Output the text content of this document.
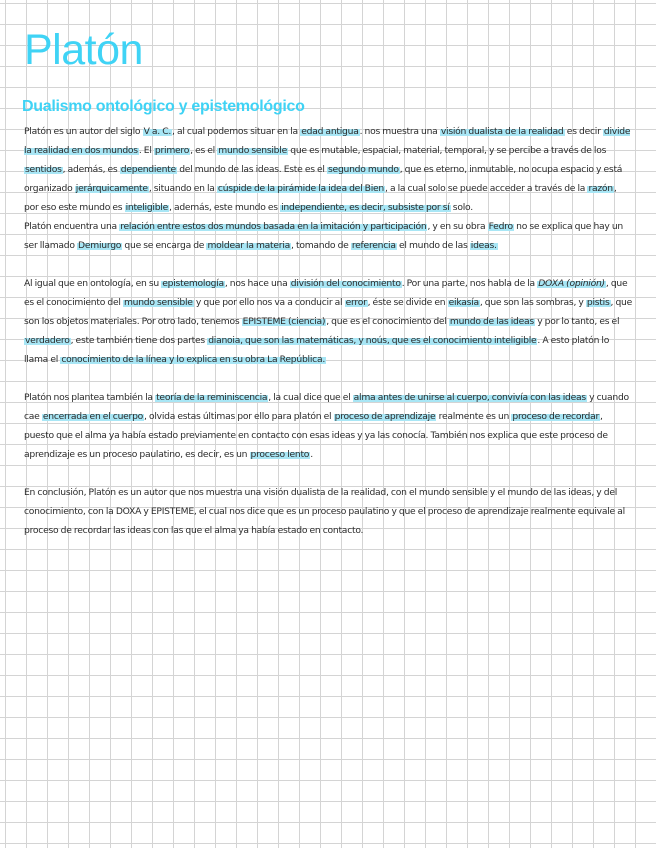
Platón
Dualismo ontológico y epistemológico

Platón es un autor del siglo V a. C., al cual podemos situar en la edad antigua. nos muestra una visión dualista de la realidad es decir divide la realidad en dos mundos. El primero, es el mundo sensible que es mutable, espacial, material, temporal, y se percibe a través de los sentidos, además, es dependiente del mundo de las ideas. Este es el segundo mundo, que es eterno, inmutable, no ocupa espacio y está organizado jerárquicamente, situando en la cúspide de la pirámide la idea del Bien, a la cual solo se puede acceder a través de la razón, por eso este mundo es inteligible, además, este mundo es independiente, es decir, subsiste por sí solo.

Platón encuentra una relación entre estos dos mundos basada en la imitación y participación, y en su obra Fedro no se explica que hay un ser llamado Demiurgo que se encarga de moldear la materia, tomando de referencia el mundo de las ideas.

Al igual que en ontología, en su epistemología, nos hace una división del conocimiento. Por una parte, nos habla de la DOXA (opinión), que es el conocimiento del mundo sensible y que por ello nos va a conducir al error, éste se divide en eikasía, que son las sombras, y pistis, que son los objetos materiales. Por otro lado, tenemos EPISTEME (ciencia), que es el conocimiento del mundo de las ideas y por lo tanto, es el verdadero, este también tiene dos partes dianoia, que son las matemáticas, y noús, que es el conocimiento inteligible. A esto platón lo llama el conocimiento de la línea y lo explica en su obra La República.

Platón nos plantea también la teoría de la reminiscencia, la cual dice que el alma antes de unirse al cuerpo, convivía con las ideas y cuando cae encerrada en el cuerpo, olvida estas últimas por ello para platón el proceso de aprendizaje realmente es un proceso de recordar, puesto que el alma ya había estado previamente en contacto con esas ideas y ya las conocía. También nos explica que este proceso de aprendizaje es un proceso paulatino, es decir, es un proceso lento.

En conclusión, Platón es un autor que nos muestra una visión dualista de la realidad, con el mundo sensible y el mundo de las ideas, y del conocimiento, con la DOXA y EPISTEME, el cual nos dice que es un proceso paulatino y que el proceso de aprendizaje realmente equivale al proceso de recordar las ideas con las que el alma ya había estado en contacto.
